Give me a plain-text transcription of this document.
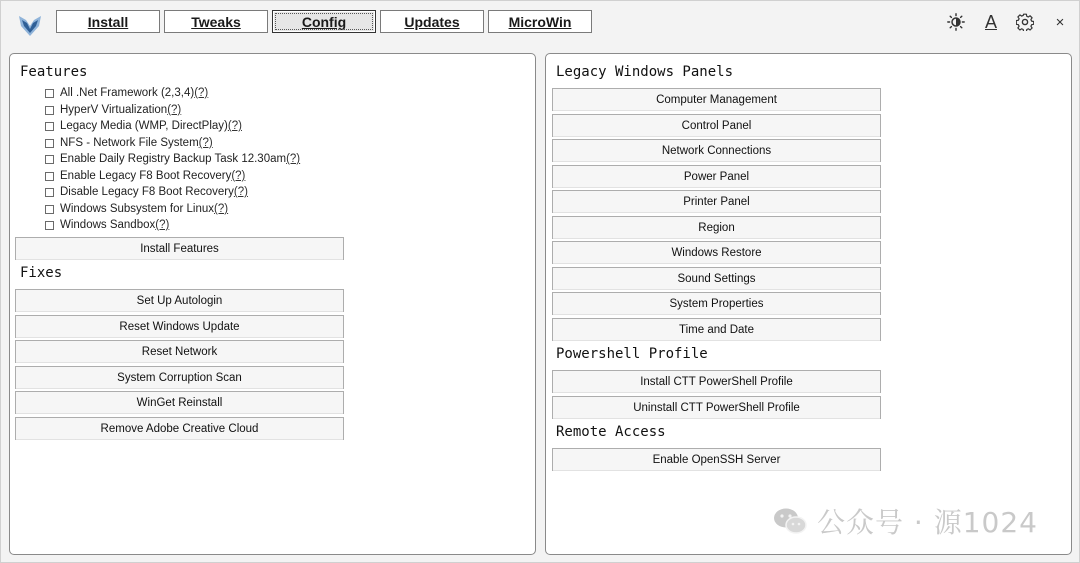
Install	Tweaks	Config	Updates	MicroWin	A	×
Features
All .Net Framework (2,3,4) (?)
HyperV Virtualization (?)
Legacy Media (WMP, DirectPlay) (?)
NFS - Network File System (?)
Enable Daily Registry Backup Task 12.30am (?)
Enable Legacy F8 Boot Recovery (?)
Disable Legacy F8 Boot Recovery (?)
Windows Subsystem for Linux (?)
Windows Sandbox (?)
Install Features
Fixes
Set Up Autologin
Reset Windows Update
Reset Network
System Corruption Scan
WinGet Reinstall
Remove Adobe Creative Cloud
Legacy Windows Panels
Computer Management
Control Panel
Network Connections
Power Panel
Printer Panel
Region
Windows Restore
Sound Settings
System Properties
Time and Date
Powershell Profile
Install CTT PowerShell Profile
Uninstall CTT PowerShell Profile
Remote Access
Enable OpenSSH Server
公众号 · 源1024
